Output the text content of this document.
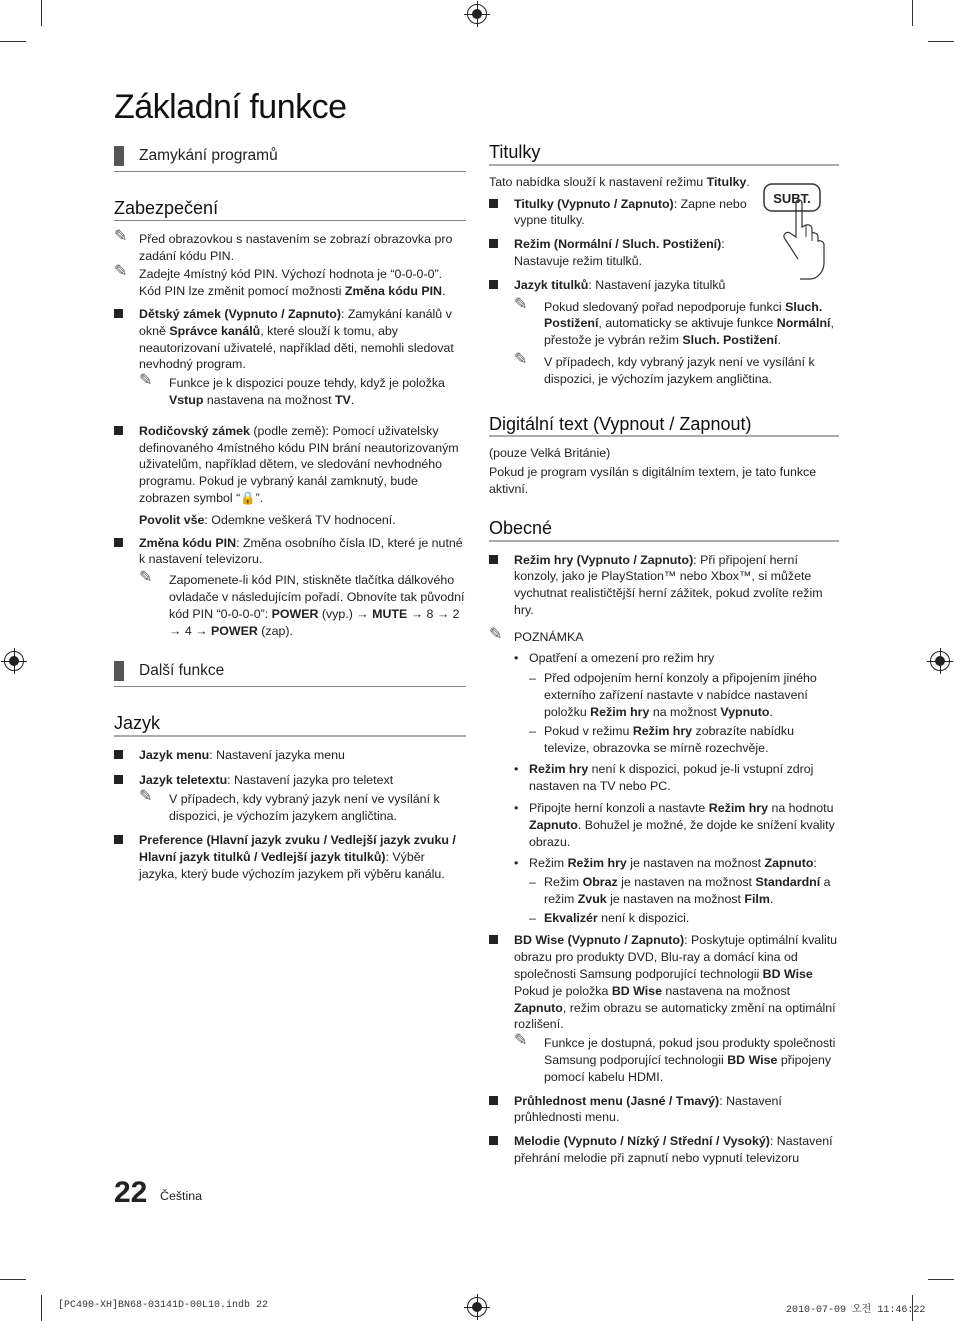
Základní funkce
Zamykání programů
Zabezpečení
✎ Před obrazovkou s nastavením se zobrazí obrazovka pro zadání kódu PIN.
✎ Zadejte 4místný kód PIN. Výchozí hodnota je “0-0-0-0”. Kód PIN lze změnit pomocí možnosti Změna kódu PIN.
Dětský zámek (Vypnuto / Zapnuto): Zamykání kanálů v okně Správce kanálů, které slouží k tomu, aby neautorizovaní uživatelé, například děti, nemohli sledovat nevhodný program.
✎ Funkce je k dispozici pouze tehdy, když je položka Vstup nastavena na možnost TV.
Rodičovský zámek (podle země): Pomocí uživatelsky definovaného 4místného kódu PIN brání neautorizovaným uživatelům, například dětem, ve sledování nevhodného programu. Pokud je vybraný kanál zamknutý, bude zobrazen symbol “🔒”.
Povolit vše: Odemkne veškerá TV hodnocení.
Změna kódu PIN: Změna osobního čísla ID, které je nutné k nastavení televizoru.
✎ Zapomenete-li kód PIN, stiskněte tlačítka dálkového ovladače v následujícím pořadí. Obnovíte tak původní kód PIN “0-0-0-0”: POWER (vyp.) → MUTE → 8 → 2 → 4 → POWER (zap).
Další funkce
Jazyk
Jazyk menu: Nastavení jazyka menu
Jazyk teletextu: Nastavení jazyka pro teletext
✎ V případech, kdy vybraný jazyk není ve vysílání k dispozici, je výchozím jazykem angličtina.
Preference (Hlavní jazyk zvuku / Vedlejší jazyk zvuku / Hlavní jazyk titulků / Vedlejší jazyk titulků): Výběr jazyka, který bude výchozím jazykem při výběru kanálu.
SUBT.
Titulky
Tato nabídka slouží k nastavení režimu Titulky.
Titulky (Vypnuto / Zapnuto): Zapne nebo vypne titulky.
Režim (Normální / Sluch. Postižení): Nastavuje režim titulků.
Jazyk titulků: Nastavení jazyka titulků
✎ Pokud sledovaný pořad nepodporuje funkci Sluch. Postižení, automaticky se aktivuje funkce Normální, přestože je vybrán režim Sluch. Postižení.
✎ V případech, kdy vybraný jazyk není ve vysílání k dispozici, je výchozím jazykem angličtina.
Digitální text (Vypnout / Zapnout)
(pouze Velká Británie)
Pokud je program vysílán s digitálním textem, je tato funkce aktivní.
Obecné
Režim hry (Vypnuto / Zapnuto): Při připojení herní konzoly, jako je PlayStation™ nebo Xbox™, si můžete vychutnat realističtější herní zážitek, pokud zvolíte režim hry.
✎ POZNÁMKA
• Opatření a omezení pro režim hry
– Před odpojením herní konzoly a připojením jiného externího zařízení nastavte v nabídce nastavení položku Režim hry na možnost Vypnuto.
– Pokud v režimu Režim hry zobrazíte nabídku televize, obrazovka se mírně rozechvěje.
• Režim hry není k dispozici, pokud je-li vstupní zdroj nastaven na TV nebo PC.
• Připojte herní konzoli a nastavte Režim hry na hodnotu Zapnuto. Bohužel je možné, že dojde ke snížení kvality obrazu.
• Režim Režim hry je nastaven na možnost Zapnuto:
– Režim Obraz je nastaven na možnost Standardní a režim Zvuk je nastaven na možnost Film.
– Ekvalizér není k dispozici.
BD Wise (Vypnuto / Zapnuto): Poskytuje optimální kvalitu obrazu pro produkty DVD, Blu-ray a domácí kina od společnosti Samsung podporující technologii BD Wise Pokud je položka BD Wise nastavena na možnost Zapnuto, režim obrazu se automaticky změní na optimální rozlišení.
✎ Funkce je dostupná, pokud jsou produkty společnosti Samsung podporující technologii BD Wise připojeny pomocí kabelu HDMI.
Průhlednost menu (Jasné / Tmavý): Nastavení průhlednosti menu.
Melodie (Vypnuto / Nízký / Střední / Vysoký): Nastavení přehrání melodie při zapnutí nebo vypnutí televizoru
22 Čeština
[PC490-XH]BN68-03141D-00L10.indb 22	2010-07-09 오전 11:46:22
